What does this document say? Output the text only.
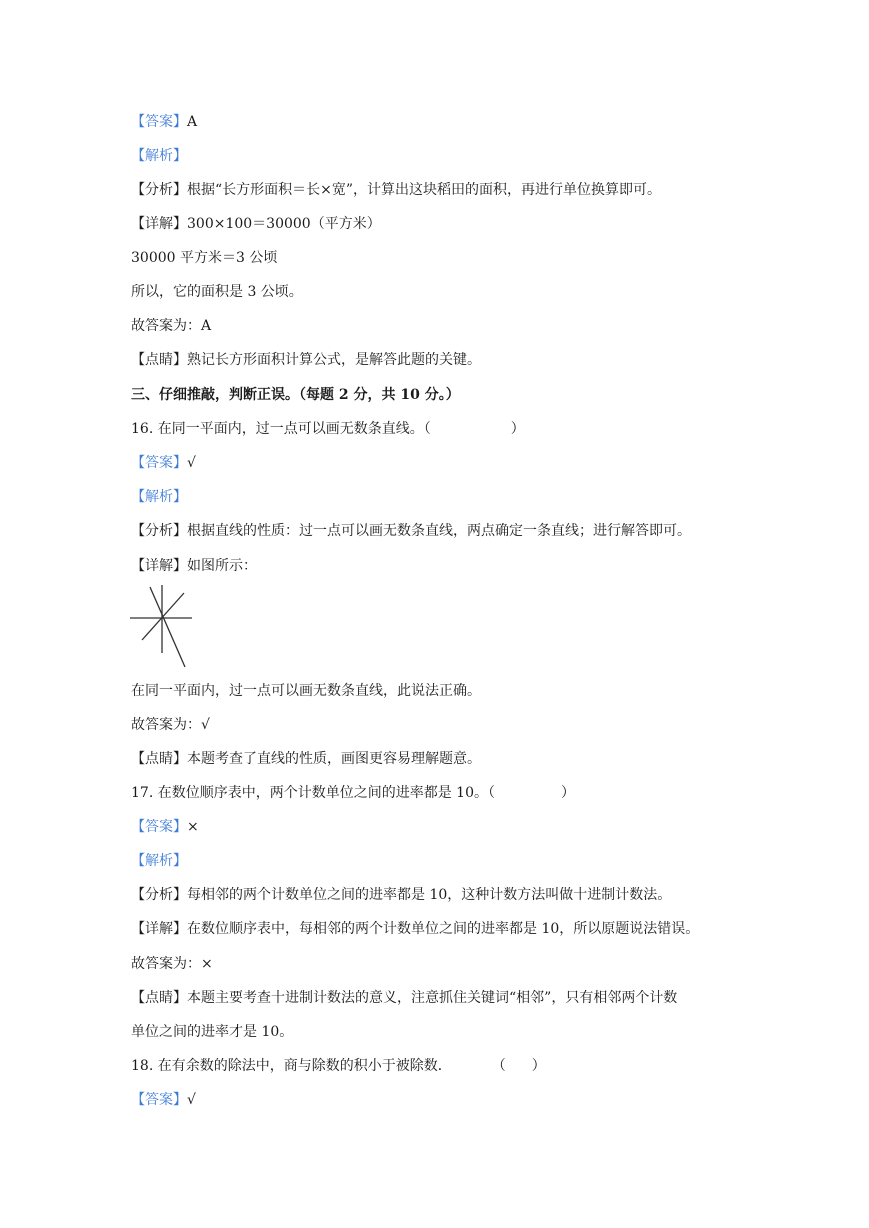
【答案】A
【解析】
【分析】根据“长方形面积＝长×宽”，计算出这块稻田的面积，再进行单位换算即可。
【详解】300×100＝30000（平方米）
30000 平方米＝3 公顷
所以，它的面积是 3 公顷。
故答案为：A
【点睛】熟记长方形面积计算公式，是解答此题的关键。
三、仔细推敲，判断正误。（每题 2 分，共 10 分。）
16. 在同一平面内，过一点可以画无数条直线。（	）
【答案】√
【解析】
【分析】根据直线的性质：过一点可以画无数条直线，两点确定一条直线；进行解答即可。
【详解】如图所示：
在同一平面内，过一点可以画无数条直线，此说法正确。
故答案为：√
【点睛】本题考查了直线的性质，画图更容易理解题意。
17. 在数位顺序表中，两个计数单位之间的进率都是 10。（	）
【答案】×
【解析】
【分析】每相邻的两个计数单位之间的进率都是 10，这种计数方法叫做十进制计数法。
【详解】在数位顺序表中，每相邻的两个计数单位之间的进率都是 10，所以原题说法错误。
故答案为：×
【点睛】本题主要考查十进制计数法的意义，注意抓住关键词“相邻”，只有相邻两个计数
单位之间的进率才是 10。
18. 在有余数的除法中，商与除数的积小于被除数．	（ ）
【答案】√
